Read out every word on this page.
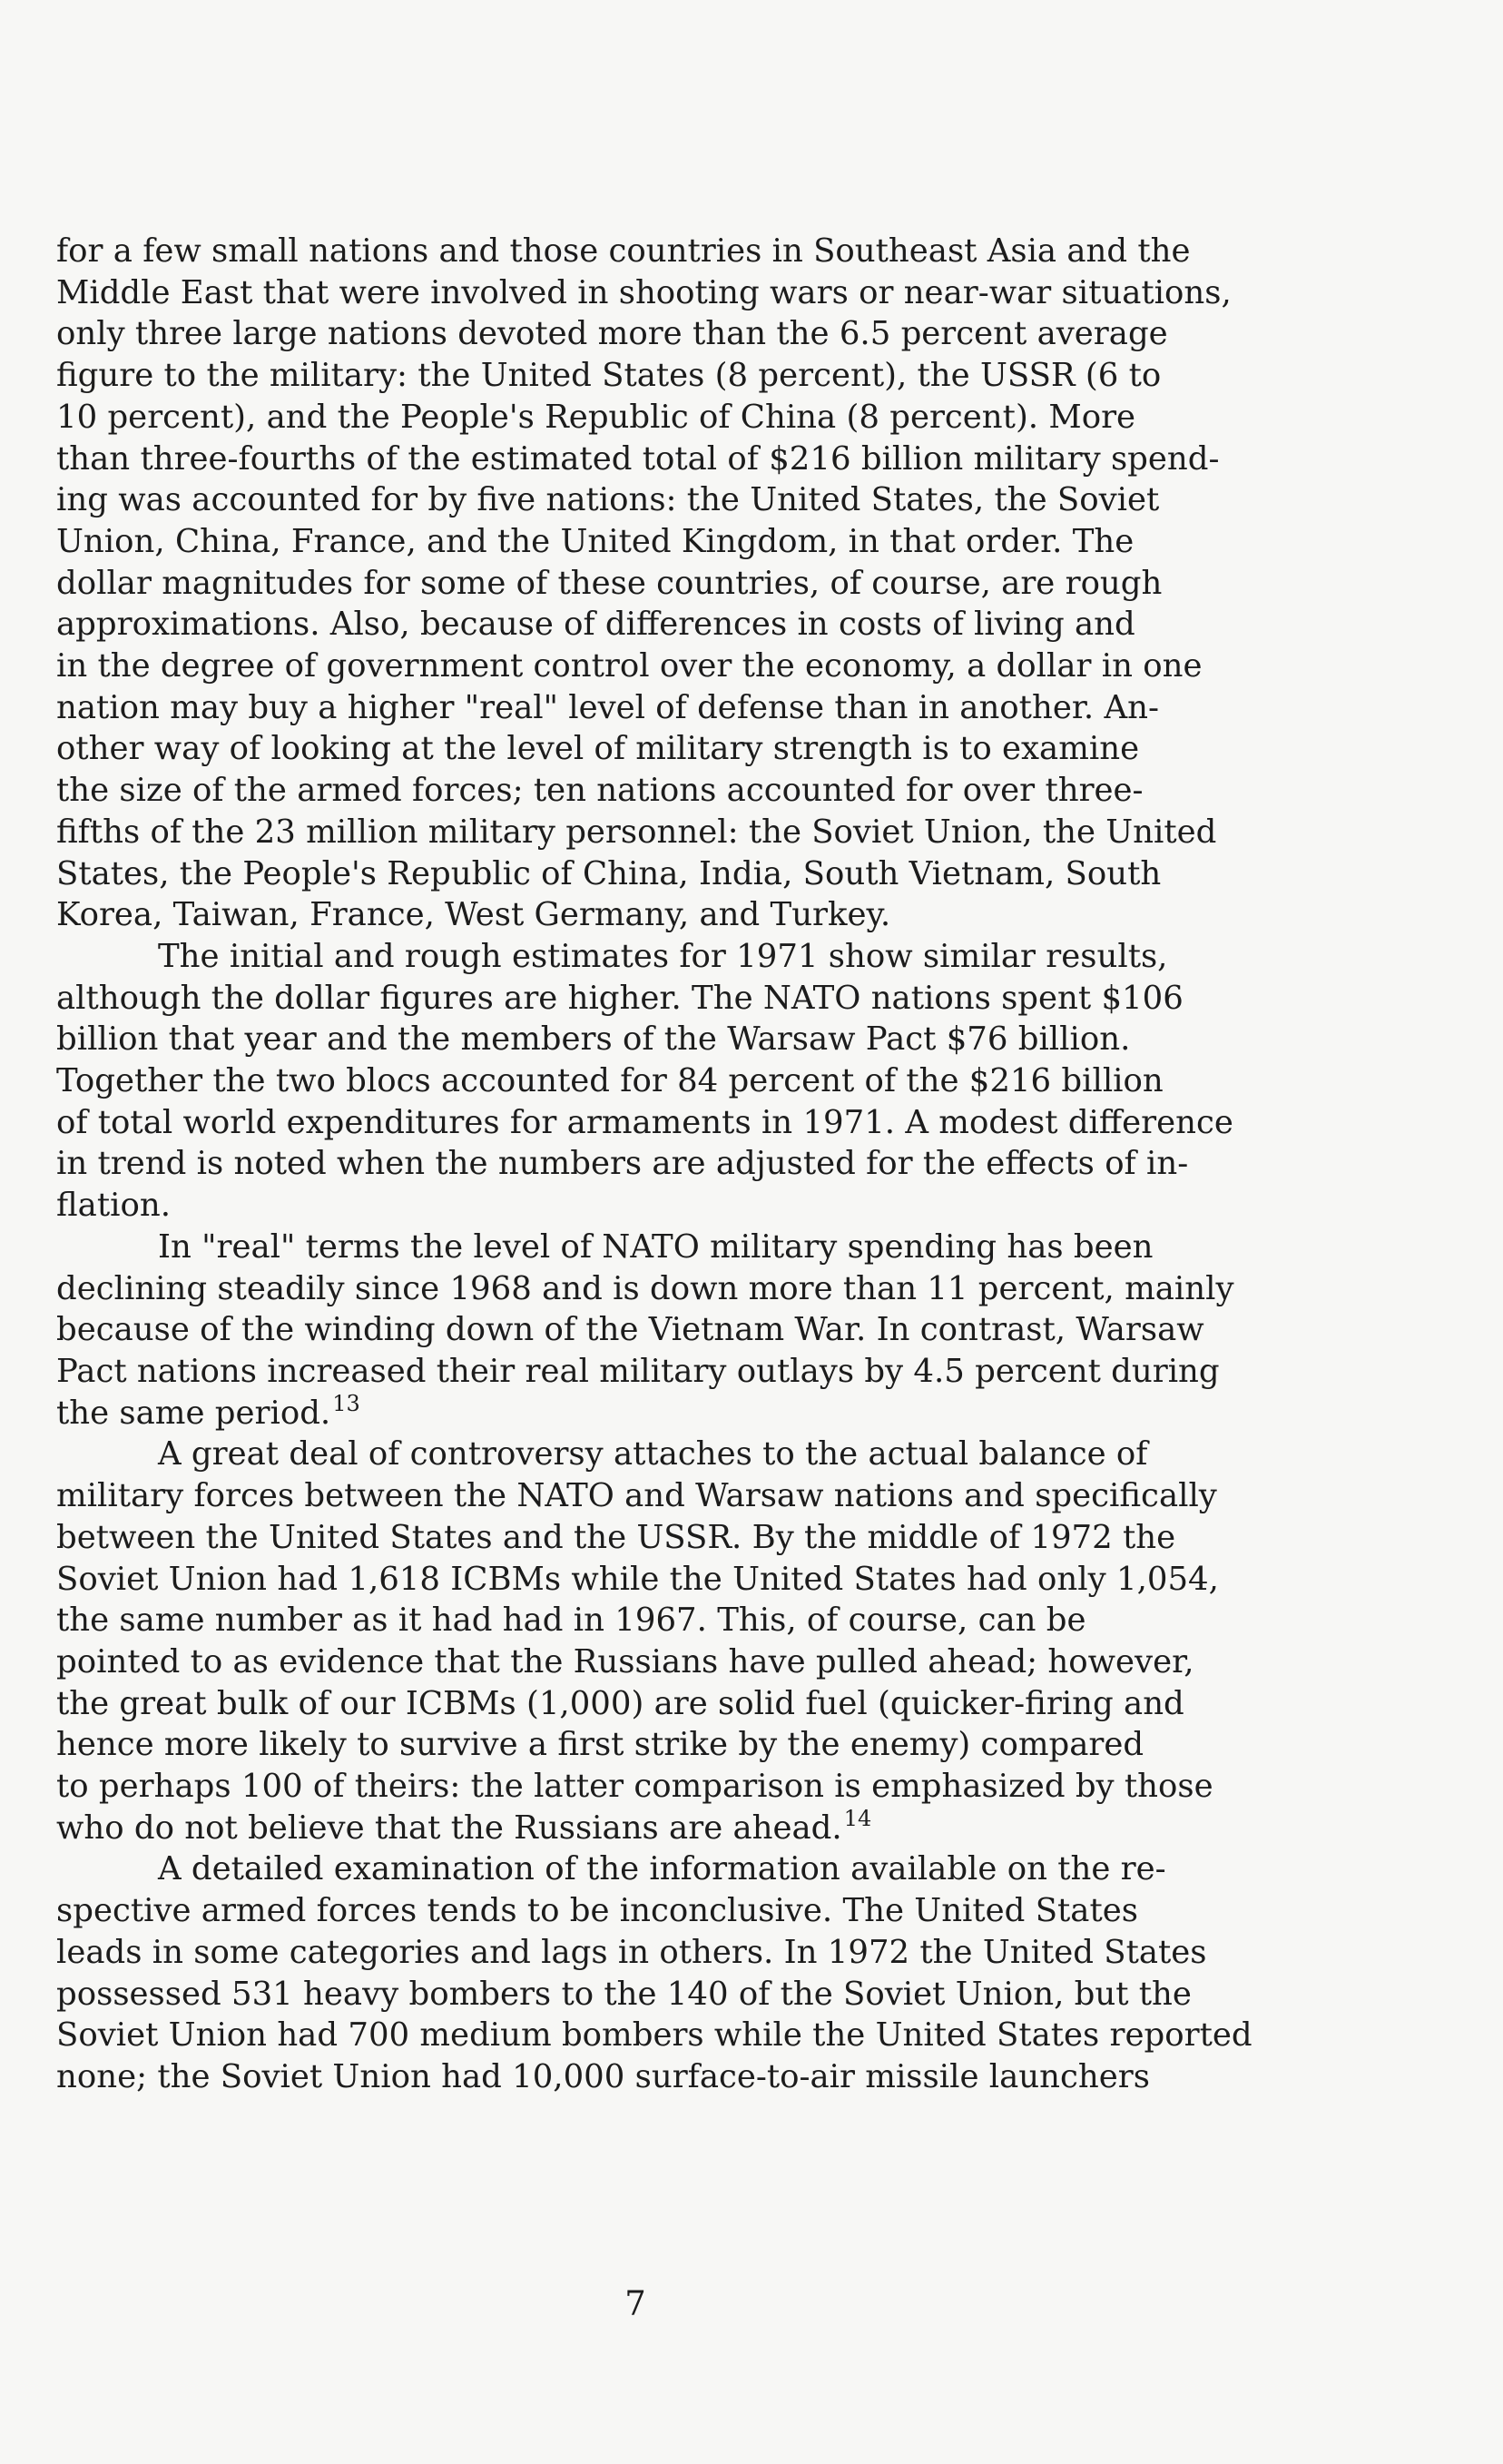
for a few small nations and those countries in Southeast Asia and the
Middle East that were involved in shooting wars or near-war situations,
only three large nations devoted more than the 6.5 percent average
figure to the military: the United States (8 percent), the USSR (6 to
10 percent), and the People's Republic of China (8 percent). More
than three-fourths of the estimated total of $216 billion military spend-
ing was accounted for by five nations: the United States, the Soviet
Union, China, France, and the United Kingdom, in that order. The
dollar magnitudes for some of these countries, of course, are rough
approximations. Also, because of differences in costs of living and
in the degree of government control over the economy, a dollar in one
nation may buy a higher "real" level of defense than in another. An-
other way of looking at the level of military strength is to examine
the size of the armed forces; ten nations accounted for over three-
fifths of the 23 million military personnel: the Soviet Union, the United
States, the People's Republic of China, India, South Vietnam, South
Korea, Taiwan, France, West Germany, and Turkey.
The initial and rough estimates for 1971 show similar results,
although the dollar figures are higher. The NATO nations spent $106
billion that year and the members of the Warsaw Pact $76 billion.
Together the two blocs accounted for 84 percent of the $216 billion
of total world expenditures for armaments in 1971. A modest difference
in trend is noted when the numbers are adjusted for the effects of in-
flation.
In "real" terms the level of NATO military spending has been
declining steadily since 1968 and is down more than 11 percent, mainly
because of the winding down of the Vietnam War. In contrast, Warsaw
Pact nations increased their real military outlays by 4.5 percent during
the same period.$^{13}$
A great deal of controversy attaches to the actual balance of
military forces between the NATO and Warsaw nations and specifically
between the United States and the USSR. By the middle of 1972 the
Soviet Union had 1,618 ICBMs while the United States had only 1,054,
the same number as it had had in 1967. This, of course, can be
pointed to as evidence that the Russians have pulled ahead; however,
the great bulk of our ICBMs (1,000) are solid fuel (quicker-firing and
hence more likely to survive a first strike by the enemy) compared
to perhaps 100 of theirs: the latter comparison is emphasized by those
who do not believe that the Russians are ahead.$^{14}$
A detailed examination of the information available on the re-
spective armed forces tends to be inconclusive. The United States
leads in some categories and lags in others. In 1972 the United States
possessed 531 heavy bombers to the 140 of the Soviet Union, but the
Soviet Union had 700 medium bombers while the United States reported
none; the Soviet Union had 10,000 surface-to-air missile launchers
7
